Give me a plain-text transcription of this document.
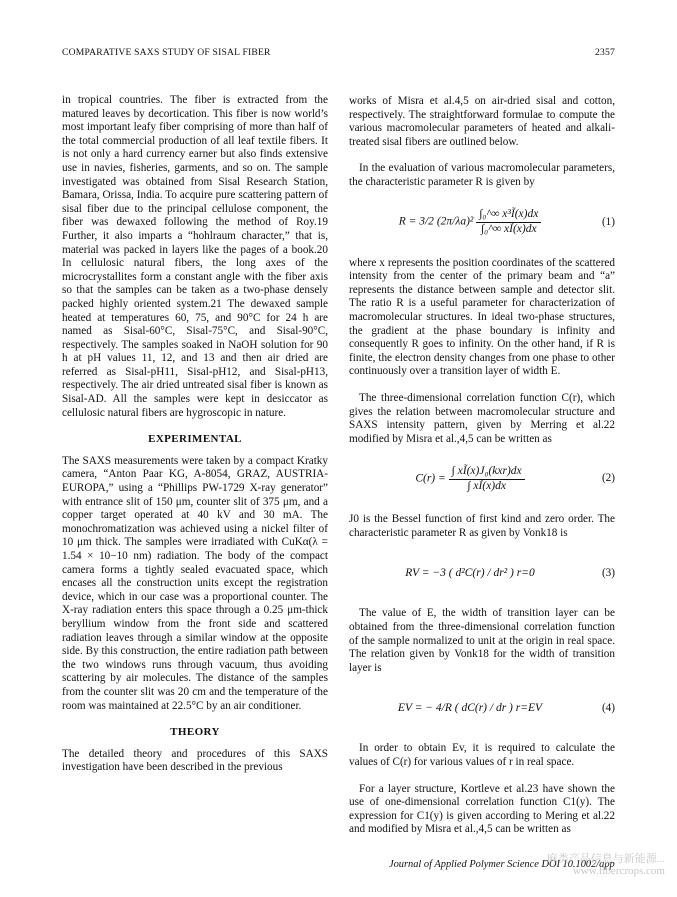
COMPARATIVE SAXS STUDY OF SISAL FIBER	2357

in tropical countries. The fiber is extracted from the matured leaves by decortication. This fiber is now world’s most important leafy fiber comprising of more than half of the total commercial production of all leaf textile fibers. It is not only a hard currency earner but also finds extensive use in navies, fisheries, garments, and so on. The sample investigated was obtained from Sisal Research Station, Bamara, Orissa, India. To acquire pure scattering pattern of sisal fiber due to the principal cellulose component, the fiber was dewaxed following the method of Roy.19 Further, it also imparts a “hohlraum character,” that is, material was packed in layers like the pages of a book.20 In cellulosic natural fibers, the long axes of the microcrystallites form a constant angle with the fiber axis so that the samples can be taken as a two-phase densely packed highly oriented system.21 The dewaxed sample heated at temperatures 60, 75, and 90°C for 24 h are named as Sisal-60°C, Sisal-75°C, and Sisal-90°C, respectively. The samples soaked in NaOH solution for 90 h at pH values 11, 12, and 13 and then air dried are referred as Sisal-pH11, Sisal-pH12, and Sisal-pH13, respectively. The air dried untreated sisal fiber is known as Sisal-AD. All the samples were kept in desiccator as cellulosic natural fibers are hygroscopic in nature.

EXPERIMENTAL

The SAXS measurements were taken by a compact Kratky camera, “Anton Paar KG, A-8054, GRAZ, AUSTRIA-EUROPA,” using a “Phillips PW-1729 X-ray generator” with entrance slit of 150 μm, counter slit of 375 μm, and a copper target operated at 40 kV and 30 mA. The monochromatization was achieved using a nickel filter of 10 μm thick. The samples were irradiated with CuKα(λ = 1.54 × 10−10 nm) radiation. The body of the compact camera forms a tightly sealed evacuated space, which encases all the construction units except the registration device, which in our case was a proportional counter. The X-ray radiation enters this space through a 0.25 μm-thick beryllium window from the front side and scattered radiation leaves through a similar window at the opposite side. By this construction, the entire radiation path between the two windows runs through vacuum, thus avoiding scattering by air molecules. The distance of the samples from the counter slit was 20 cm and the temperature of the room was maintained at 22.5°C by an air conditioner.

THEORY

The detailed theory and procedures of this SAXS investigation have been described in the previous

works of Misra et al.4,5 on air-dried sisal and cotton, respectively. The straightforward formulae to compute the various macromolecular parameters of heated and alkali-treated sisal fibers are outlined below.

In the evaluation of various macromolecular parameters, the characteristic parameter R is given by

R = 3/2 $(2\pi/\lambda a)^2 \frac{\text{∫₀\textasciicircum{}∞ x³Ĩ(x)dx}}{\text{∫₀\textasciicircum{}∞ xĨ(x)dx}}$	(1)

where x represents the position coordinates of the scattered intensity from the center of the primary beam and “a” represents the distance between sample and detector slit. The ratio R is a useful parameter for characterization of macromolecular structures. In ideal two-phase structures, the gradient at the phase boundary is infinity and consequently R goes to infinity. On the other hand, if R is finite, the electron density changes from one phase to other continuously over a transition layer of width E.

The three-dimensional correlation function C(r), which gives the relation between macromolecular structure and SAXS intensity pattern, given by Merring et al.22 modified by Misra et al.,4,5 can be written as

$C(r) = \frac{\text{∫ xĨ(x)J₀(kxr)dx}}{\int xĨ(x)dx}$	(2)

J0 is the Bessel function of first kind and zero order. The characteristic parameter R as given by Vonk18 is

RV = −3 ( d²C(r) / dr² ) r=0	(3)

The value of E, the width of transition layer can be obtained from the three-dimensional correlation function of the sample normalized to unit at the origin in real space. The relation given by Vonk18 for the width of transition layer is

EV = − 4/R ( dC(r) / dr ) r=EV	(4)

In order to obtain Ev, it is required to calculate the values of C(r) for various values of r in real space.

For a layer structure, Kortleve et al.23 have shown the use of one-dimensional correlation function C1(y). The expression for C1(y) is given according to Mering et al.22 and modified by Misra et al.,4,5 can be written as

Journal of Applied Polymer Science DOI 10.1002/app
麻类产品信息与新能源...
www.fibercrops.com
